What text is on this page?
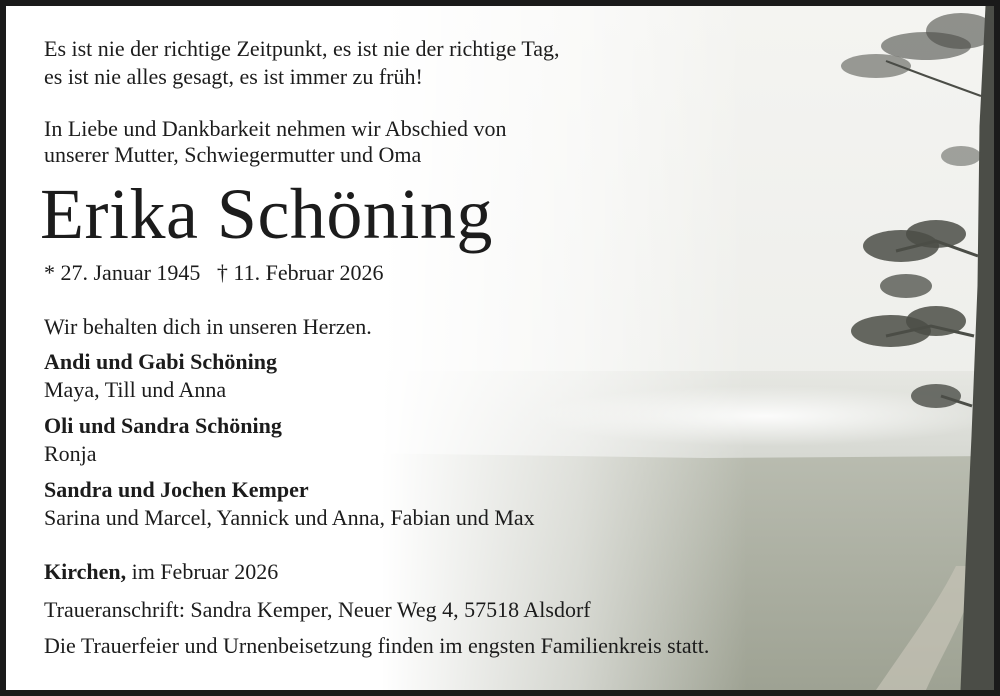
Es ist nie der richtige Zeitpunkt, es ist nie der richtige Tag,
es ist nie alles gesagt, es ist immer zu früh!
In Liebe und Dankbarkeit nehmen wir Abschied von
unserer Mutter, Schwiegermutter und Oma
Erika Schöning
* 27. Januar 1945   † 11. Februar 2026
Wir behalten dich in unseren Herzen.
Andi und Gabi Schöning
Maya, Till und Anna
Oli und Sandra Schöning
Ronja
Sandra und Jochen Kemper
Sarina und Marcel, Yannick und Anna, Fabian und Max
Kirchen, im Februar 2026
Traueranschrift: Sandra Kemper, Neuer Weg 4, 57518 Alsdorf
Die Trauerfeier und Urnenbeisetzung finden im engsten Familienkreis statt.
